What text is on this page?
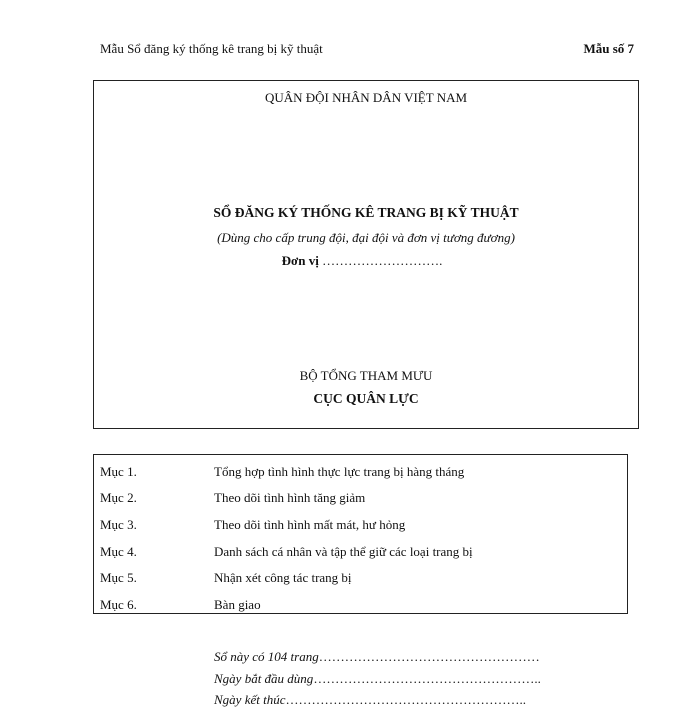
Mẫu Sổ đăng ký thống kê trang bị kỹ thuật	Mẫu số 7
QUÂN ĐỘI NHÂN DÂN VIỆT NAM
SỔ ĐĂNG KÝ THỐNG KÊ TRANG BỊ KỸ THUẬT
(Dùng cho cấp trung đội, đại đội và đơn vị tương đương)
Đơn vị ……………………….
BỘ TỔNG THAM MƯU
CỤC QUÂN LỰC
Mục 1.	Tổng hợp tình hình thực lực trang bị hàng tháng
Mục 2.	Theo dõi tình hình tăng giảm
Mục 3.	Theo dõi tình hình mất mát, hư hỏng
Mục 4.	Danh sách cá nhân và tập thể giữ các loại trang bị
Mục 5.	Nhận xét công tác trang bị
Mục 6.	Bàn giao
Sổ này có 104 trang……………………………………………
Ngày bắt đầu dùng……………………………………………..
Ngày kết thúc………………………………………………..
